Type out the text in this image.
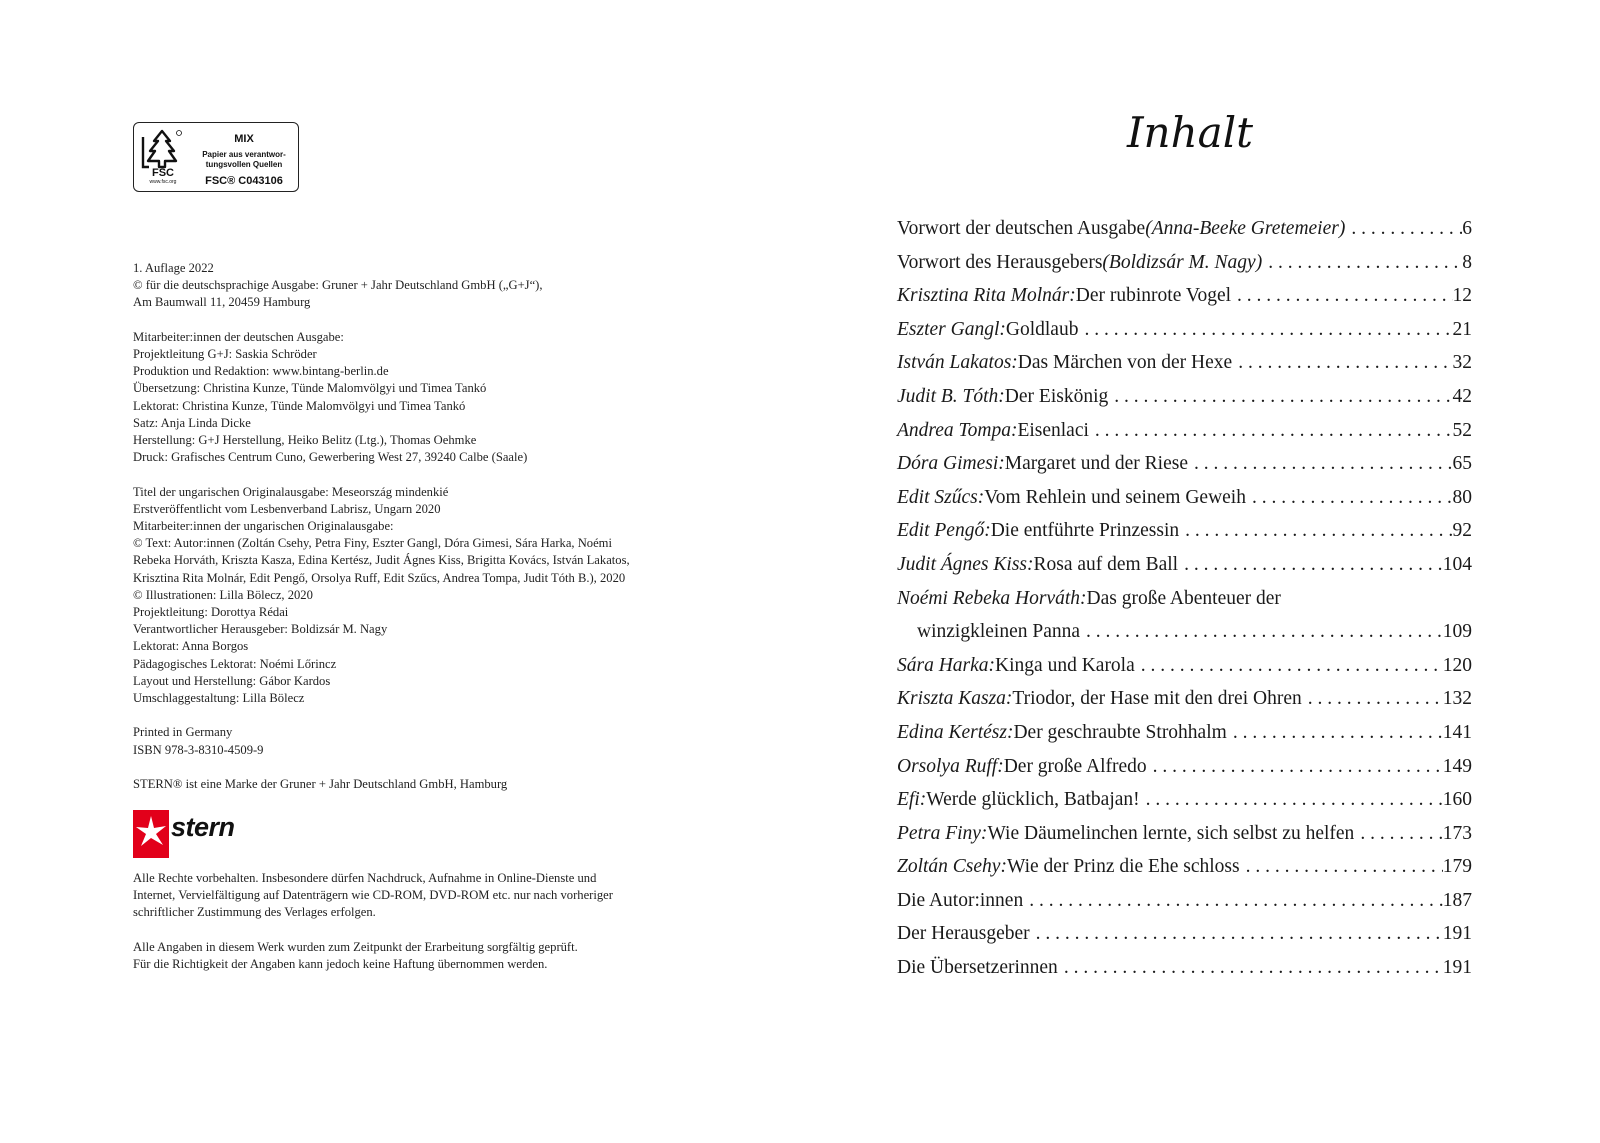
FSC
www.fsc.org
MIX
Papier aus verantwor-tungsvollen Quellen
FSC® C043106
1. Auflage 2022
© für die deutschsprachige Ausgabe: Gruner + Jahr Deutschland GmbH („G+J“),
Am Baumwall 11, 20459 Hamburg
Mitarbeiter:innen der deutschen Ausgabe:
Projektleitung G+J: Saskia Schröder
Produktion und Redaktion: www.bintang-berlin.de
Übersetzung: Christina Kunze, Tünde Malomvölgyi und Timea Tankó
Lektorat: Christina Kunze, Tünde Malomvölgyi und Timea Tankó
Satz: Anja Linda Dicke
Herstellung: G+J Herstellung, Heiko Belitz (Ltg.), Thomas Oehmke
Druck: Grafisches Centrum Cuno, Gewerbering West 27, 39240 Calbe (Saale)
Titel der ungarischen Originalausgabe: Meseország mindenkié
Erstveröffentlicht vom Lesbenverband Labrisz, Ungarn 2020
Mitarbeiter:innen der ungarischen Originalausgabe:
© Text: Autor:innen (Zoltán Csehy, Petra Finy, Eszter Gangl, Dóra Gimesi, Sára Harka, Noémi
Rebeka Horváth, Kriszta Kasza, Edina Kertész, Judit Ágnes Kiss, Brigitta Kovács, István Lakatos,
Krisztina Rita Molnár, Edit Pengő, Orsolya Ruff, Edit Szűcs, Andrea Tompa, Judit Tóth B.), 2020
© Illustrationen: Lilla Bölecz, 2020
Projektleitung: Dorottya Rédai
Verantwortlicher Herausgeber: Boldizsár M. Nagy
Lektorat: Anna Borgos
Pädagogisches Lektorat: Noémi Lőrincz
Layout und Herstellung: Gábor Kardos
Umschlaggestaltung: Lilla Bölecz
Printed in Germany
ISBN 978-3-8310-4509-9
STERN® ist eine Marke der Gruner + Jahr Deutschland GmbH, Hamburg
stern
Alle Rechte vorbehalten. Insbesondere dürfen Nachdruck, Aufnahme in Online-Dienste und
Internet, Vervielfältigung auf Datenträgern wie CD-ROM, DVD-ROM etc. nur nach vorheriger
schriftlicher Zustimmung des Verlages erfolgen.
Alle Angaben in diesem Werk wurden zum Zeitpunkt der Erarbeitung sorgfältig geprüft.
Für die Richtigkeit der Angaben kann jedoch keine Haftung übernommen werden.
Inhalt
Vorwort der deutschen Ausgabe (Anna-Beeke Gretemeier) . . .	6
Vorwort des Herausgebers (Boldizsár M. Nagy) . . .	8
Krisztina Rita Molnár: Der rubinrote Vogel . . .	12
Eszter Gangl: Goldlaub . . .	21
István Lakatos: Das Märchen von der Hexe . . .	32
Judit B. Tóth: Der Eiskönig . . .	42
Andrea Tompa: Eisenlaci . . .	52
Dóra Gimesi: Margaret und der Riese . . .	65
Edit Szűcs: Vom Rehlein und seinem Geweih . . .	80
Edit Pengő: Die entführte Prinzessin . . .	92
Judit Ágnes Kiss: Rosa auf dem Ball . . .	104
Noémi Rebeka Horváth: Das große Abenteuer der
winzigkleinen Panna . . .	109
Sára Harka: Kinga und Karola . . .	120
Kriszta Kasza: Triodor, der Hase mit den drei Ohren . . .	132
Edina Kertész: Der geschraubte Strohhalm . . .	141
Orsolya Ruff: Der große Alfredo . . .	149
Efi: Werde glücklich, Batbajan! . . .	160
Petra Finy: Wie Däumelinchen lernte, sich selbst zu helfen . . .	173
Zoltán Csehy: Wie der Prinz die Ehe schloss . . .	179
Die Autor:innen . . .	187
Der Herausgeber . . .	191
Die Übersetzerinnen . . .	191
